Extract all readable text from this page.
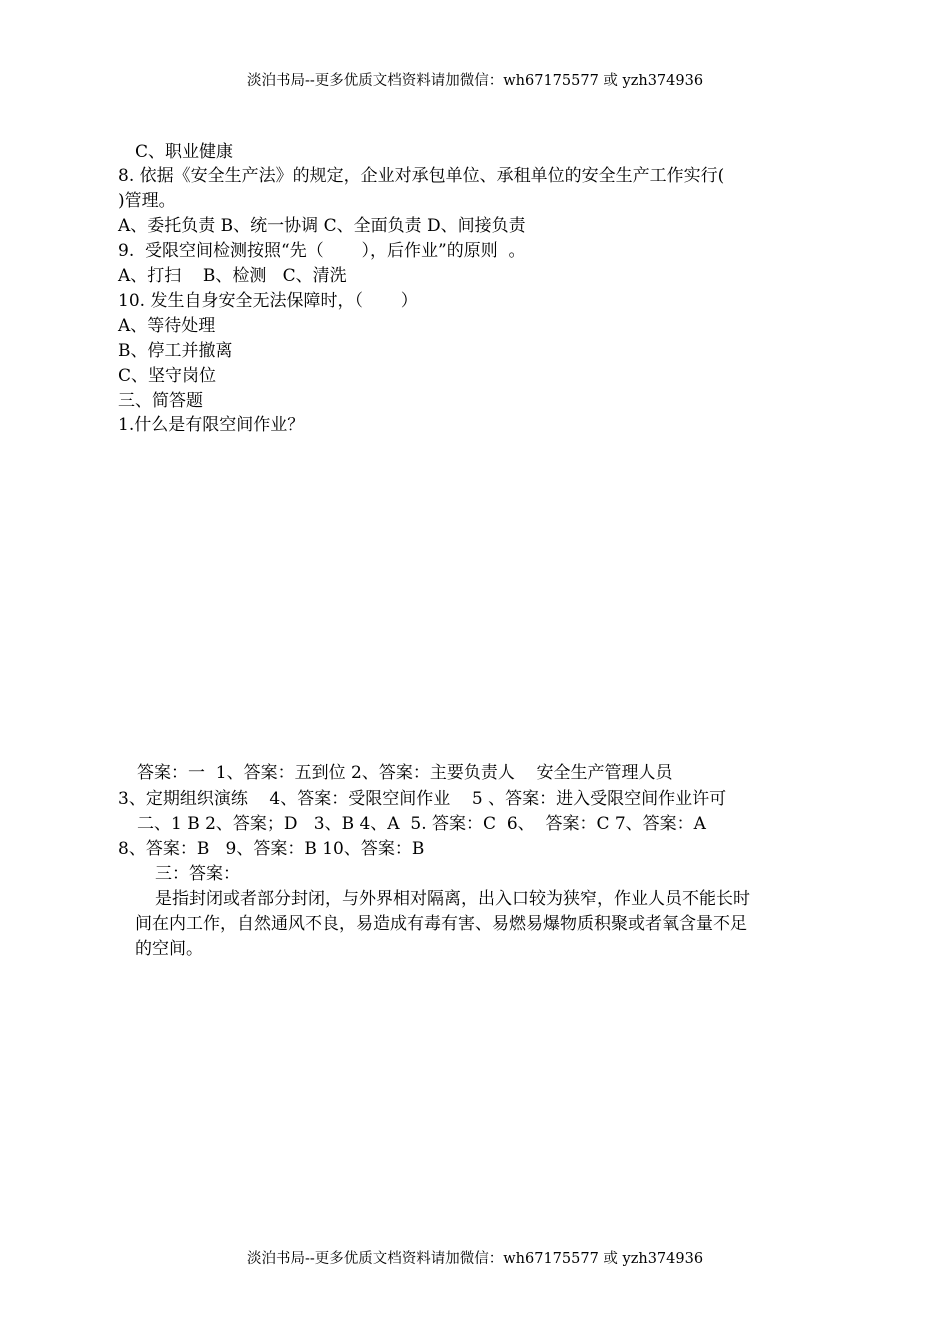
淡泊书局--更多优质文档资料请加微信：wh67175577 或 yzh374936
C、职业健康
8. 依据《安全生产法》的规定，企业对承包单位、承租单位的安全生产工作实行(
)管理。
A、委托负责 B、统一协调 C、全面负责 D、间接负责
9.  受限空间检测按照“先（       ），后作业”的原则  。
A、打扫    B、检测   C、清洗
10. 发生自身安全无法保障时，（       ）
A、等待处理
B、停工并撤离
C、坚守岗位
三、简答题
1.什么是有限空间作业？
答案：一  1、答案：五到位 2、答案：主要负责人    安全生产管理人员
3、定期组织演练    4、答案：受限空间作业    5 、答案：进入受限空间作业许可
二、1 B 2、答案；D   3、B 4、A  5. 答案：C  6、  答案：C 7、答案：A
8、答案：B   9、答案：B 10、答案：B
三：答案：
是指封闭或者部分封闭，与外界相对隔离，出入口较为狭窄，作业人员不能长时
间在内工作，自然通风不良，易造成有毒有害、易燃易爆物质积聚或者氧含量不足
的空间。
淡泊书局--更多优质文档资料请加微信：wh67175577 或 yzh374936
